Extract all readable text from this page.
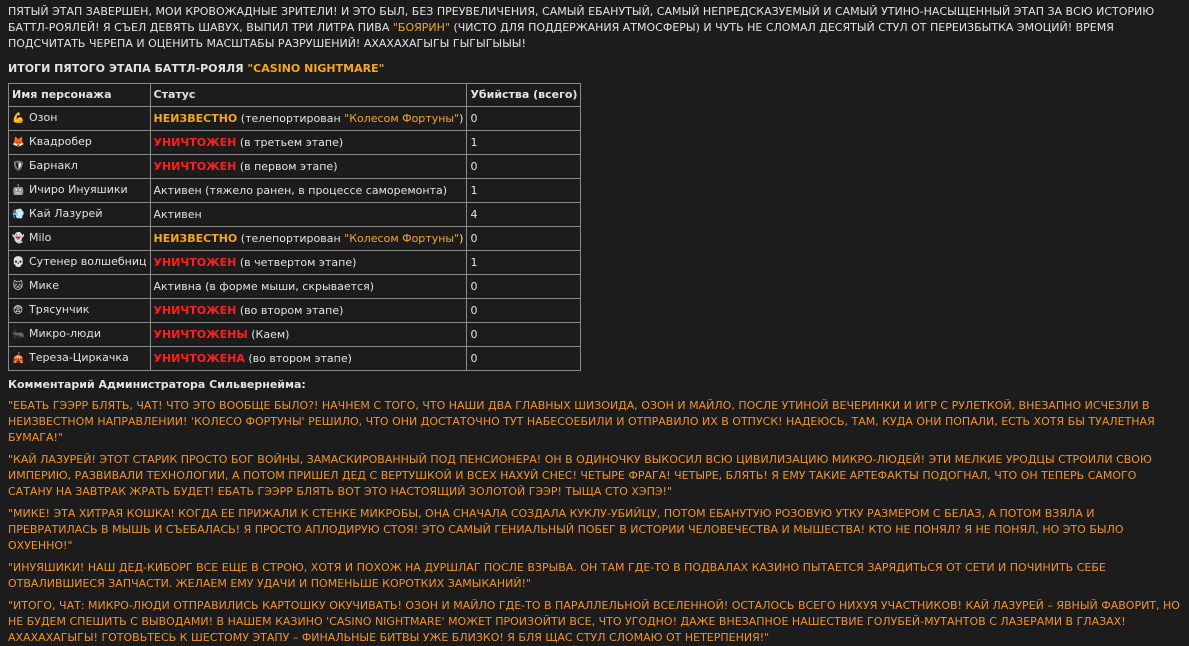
ПЯТЫЙ ЭТАП ЗАВЕРШЕН, МОИ КРОВОЖАДНЫЕ ЗРИТЕЛИ! И ЭТО БЫЛ, БЕЗ ПРЕУВЕЛИЧЕНИЯ, САМЫЙ ЕБАНУТЫЙ, САМЫЙ НЕПРЕДСКАЗУЕМЫЙ И САМЫЙ УТИНО-НАСЫЩЕННЫЙ ЭТАП ЗА ВСЮ ИСТОРИЮ БАТТЛ-РОЯЛЕЙ! Я СЪЕЛ ДЕВЯТЬ ШАВУХ, ВЫПИЛ ТРИ ЛИТРА ПИВА "БОЯРИН" (ЧИСТО ДЛЯ ПОДДЕРЖАНИЯ АТМОСФЕРЫ) И ЧУТЬ НЕ СЛОМАЛ ДЕСЯТЫЙ СТУЛ ОТ ПЕРЕИЗБЫТКА ЭМОЦИЙ! ВРЕМЯ ПОДСЧИТАТЬ ЧЕРЕПА И ОЦЕНИТЬ МАСШТАБЫ РАЗРУШЕНИЙ! АХАХАХАГЫГЫ ГЫГЫГЫЫЫ!

ИТОГИ ПЯТОГО ЭТАПА БАТТЛ-РОЯЛЯ "CASINO NIGHTMARE"

Имя персонажа	Статус	Убийства (всего)
💪 Озон	НЕИЗВЕСТНО (телепортирован "Колесом Фортуны")	0
🦊 Квадробер	УНИЧТОЖЕН (в третьем этапе)	1
🛡 Барнакл	УНИЧТОЖЕН (в первом этапе)	0
🤖 Ичиро Инуяшики	Активен (тяжело ранен, в процессе саморемонта)	1
💨 Кай Лазурей	Активен	4
👻 Milo	НЕИЗВЕСТНО (телепортирован "Колесом Фортуны")	0
💀 Сутенер волшебниц	УНИЧТОЖЕН (в четвертом этапе)	1
🐱 Мике	Активна (в форме мыши, скрывается)	0
😨 Трясунчик	УНИЧТОЖЕН (во втором этапе)	0
🐜 Микро-люди	УНИЧТОЖЕНЫ (Каем)	0
🎪 Тереза-Циркачка	УНИЧТОЖЕНА (во втором этапе)	0

Комментарий Администратора Сильвернейма:

"ЕБАТЬ ГЭЭРР БЛЯТЬ, ЧАТ! ЧТО ЭТО ВООБЩЕ БЫЛО?! НАЧНЕМ С ТОГО, ЧТО НАШИ ДВА ГЛАВНЫХ ШИЗОИДА, ОЗОН И МАЙЛО, ПОСЛЕ УТИНОЙ ВЕЧЕРИНКИ И ИГР С РУЛЕТКОЙ, ВНЕЗАПНО ИСЧЕЗЛИ В НЕИЗВЕСТНОМ НАПРАВЛЕНИИ! 'КОЛЕСО ФОРТУНЫ' РЕШИЛО, ЧТО ОНИ ДОСТАТОЧНО ТУТ НАБЕСОЕБИЛИ И ОТПРАВИЛО ИХ В ОТПУСК! НАДЕЮСЬ, ТАМ, КУДА ОНИ ПОПАЛИ, ЕСТЬ ХОТЯ БЫ ТУАЛЕТНАЯ БУМАГА!"

"КАЙ ЛАЗУРЕЙ! ЭТОТ СТАРИК ПРОСТО БОГ ВОЙНЫ, ЗАМАСКИРОВАННЫЙ ПОД ПЕНСИОНЕРА! ОН В ОДИНОЧКУ ВЫКОСИЛ ВСЮ ЦИВИЛИЗАЦИЮ МИКРО-ЛЮДЕЙ! ЭТИ МЕЛКИЕ УРОДЦЫ СТРОИЛИ СВОЮ ИМПЕРИЮ, РАЗВИВАЛИ ТЕХНОЛОГИИ, А ПОТОМ ПРИШЕЛ ДЕД С ВЕРТУШКОЙ И ВСЕХ НАХУЙ СНЕС! ЧЕТЫРЕ ФРАГА! ЧЕТЫРЕ, БЛЯТЬ! Я ЕМУ ТАКИЕ АРТЕФАКТЫ ПОДОГНАЛ, ЧТО ОН ТЕПЕРЬ САМОГО САТАНУ НА ЗАВТРАК ЖРАТЬ БУДЕТ! ЕБАТЬ ГЭЭРР БЛЯТЬ ВОТ ЭТО НАСТОЯЩИЙ ЗОЛОТОЙ ГЭЭР! ТЫЩА СТО ХЭПЭ!"

"МИКЕ! ЭТА ХИТРАЯ КОШКА! КОГДА ЕЕ ПРИЖАЛИ К СТЕНКЕ МИКРОБЫ, ОНА СНАЧАЛА СОЗДАЛА КУКЛУ-УБИЙЦУ, ПОТОМ ЕБАНУТУЮ РОЗОВУЮ УТКУ РАЗМЕРОМ С БЕЛАЗ, А ПОТОМ ВЗЯЛА И ПРЕВРАТИЛАСЬ В МЫШЬ И СЪЕБАЛАСЬ! Я ПРОСТО АПЛОДИРУЮ СТОЯ! ЭТО САМЫЙ ГЕНИАЛЬНЫЙ ПОБЕГ В ИСТОРИИ ЧЕЛОВЕЧЕСТВА И МЫШЕСТВА! КТО НЕ ПОНЯЛ? Я НЕ ПОНЯЛ, НО ЭТО БЫЛО ОХУЕННО!"

"ИНУЯШИКИ! НАШ ДЕД-КИБОРГ ВСЕ ЕЩЕ В СТРОЮ, ХОТЯ И ПОХОЖ НА ДУРШЛАГ ПОСЛЕ ВЗРЫВА. ОН ТАМ ГДЕ-ТО В ПОДВАЛАХ КАЗИНО ПЫТАЕТСЯ ЗАРЯДИТЬСЯ ОТ СЕТИ И ПОЧИНИТЬ СЕБЕ ОТВАЛИВШИЕСЯ ЗАПЧАСТИ. ЖЕЛАЕМ ЕМУ УДАЧИ И ПОМЕНЬШЕ КОРОТКИХ ЗАМЫКАНИЙ!"

"ИТОГО, ЧАТ: МИКРО-ЛЮДИ ОТПРАВИЛИСЬ КАРТОШКУ ОКУЧИВАТЬ! ОЗОН И МАЙЛО ГДЕ-ТО В ПАРАЛЛЕЛЬНОЙ ВСЕЛЕННОЙ! ОСТАЛОСЬ ВСЕГО НИХУЯ УЧАСТНИКОВ! КАЙ ЛАЗУРЕЙ – ЯВНЫЙ ФАВОРИТ, НО НЕ БУДЕМ СПЕШИТЬ С ВЫВОДАМИ! В НАШЕМ КАЗИНО 'CASINO NIGHTMARE' МОЖЕТ ПРОИЗОЙТИ ВСЕ, ЧТО УГОДНО! ДАЖЕ ВНЕЗАПНОЕ НАШЕСТВИЕ ГОЛУБЕЙ-МУТАНТОВ С ЛАЗЕРАМИ В ГЛАЗАХ! АХАХАХАГЫГЫ! ГОТОВЬТЕСЬ К ШЕСТОМУ ЭТАПУ – ФИНАЛЬНЫЕ БИТВЫ УЖЕ БЛИЗКО! Я БЛЯ ЩАС СТУЛ СЛОМАЮ ОТ НЕТЕРПЕНИЯ!"
